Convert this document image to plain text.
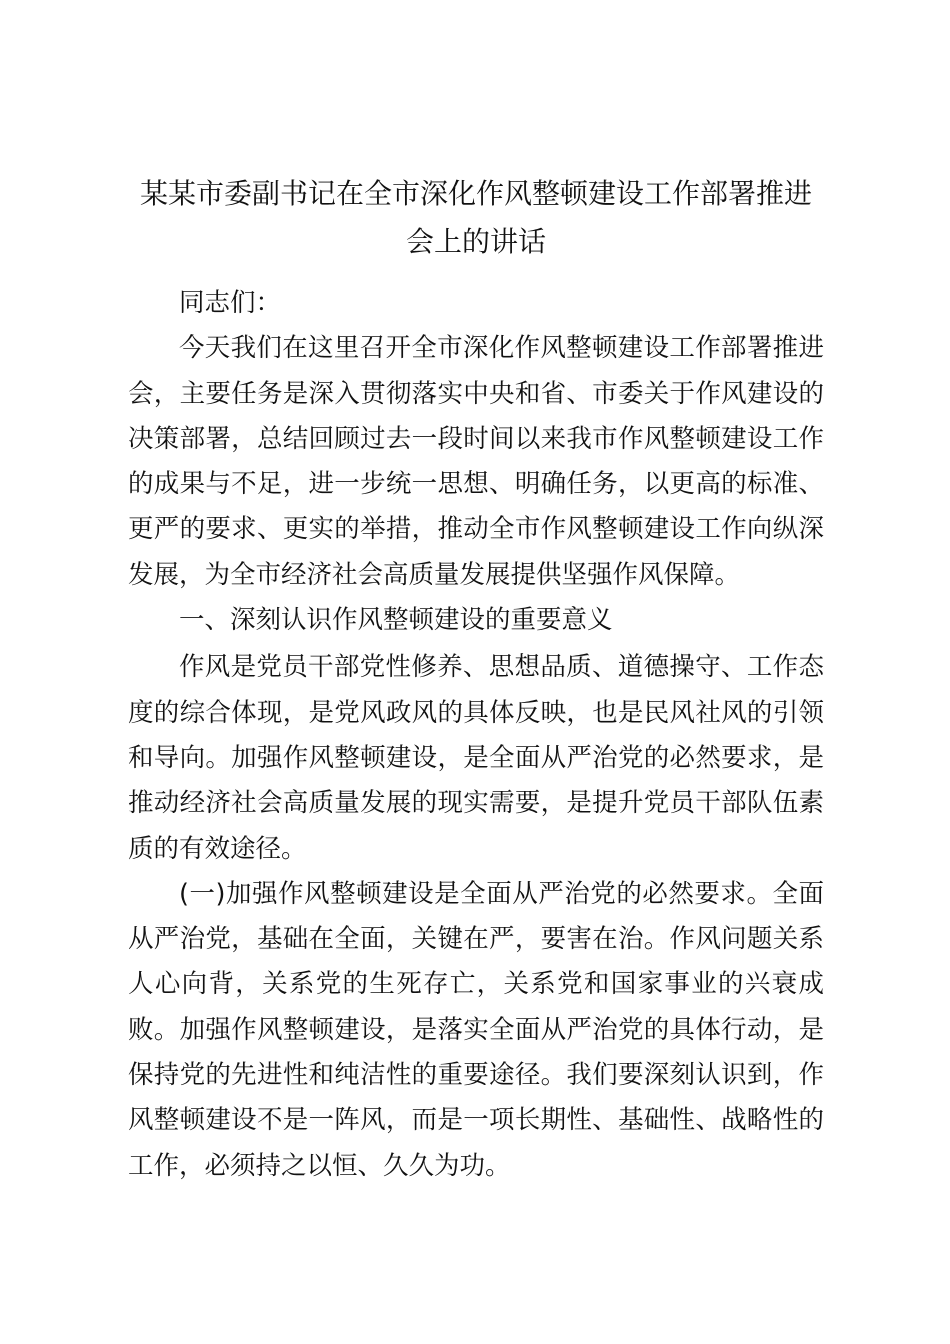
某某市委副书记在全市深化作风整顿建设工作部署推进
会上的讲话

同志们：

今天我们在这里召开全市深化作风整顿建设工作部署推进会，主要任务是深入贯彻落实中央和省、市委关于作风建设的决策部署，总结回顾过去一段时间以来我市作风整顿建设工作的成果与不足，进一步统一思想、明确任务，以更高的标准、更严的要求、更实的举措，推动全市作风整顿建设工作向纵深发展，为全市经济社会高质量发展提供坚强作风保障。

一、深刻认识作风整顿建设的重要意义

作风是党员干部党性修养、思想品质、道德操守、工作态度的综合体现，是党风政风的具体反映，也是民风社风的引领和导向。加强作风整顿建设，是全面从严治党的必然要求，是推动经济社会高质量发展的现实需要，是提升党员干部队伍素质的有效途径。

(一)加强作风整顿建设是全面从严治党的必然要求。全面从严治党，基础在全面，关键在严，要害在治。作风问题关系人心向背，关系党的生死存亡，关系党和国家事业的兴衰成败。加强作风整顿建设，是落实全面从严治党的具体行动，是保持党的先进性和纯洁性的重要途径。我们要深刻认识到，作风整顿建设不是一阵风，而是一项长期性、基础性、战略性的工作，必须持之以恒、久久为功。
